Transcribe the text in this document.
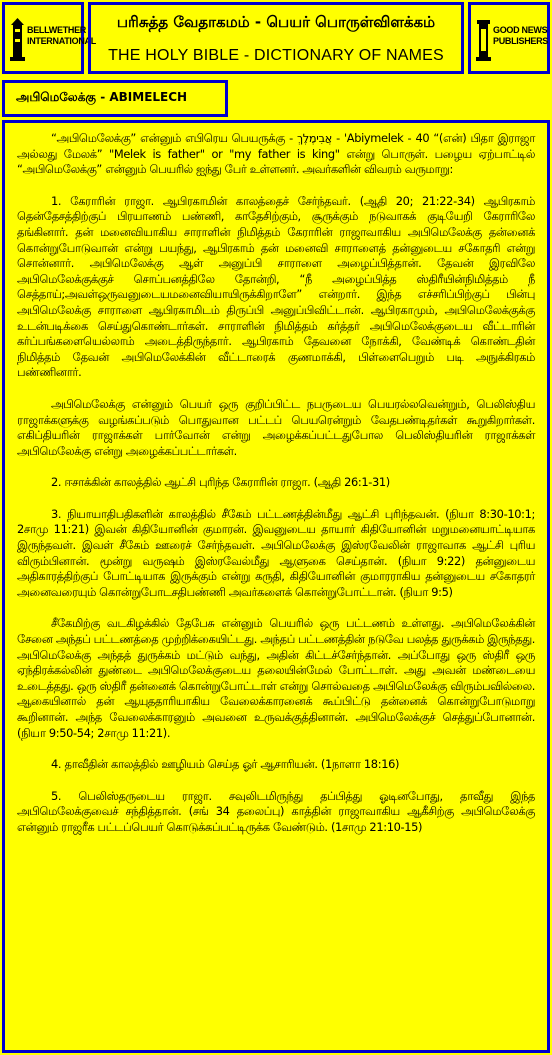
BELLWETHER INTERNATIONAL
பரிசுத்த வேதாகமம் - பெயர் பொருள்விளக்கம்
THE HOLY BIBLE - DICTIONARY OF NAMES
GOOD NEWS PUBLISHERS
அபிமெலேக்கு - ABIMELECH

“அபிமெலேக்கு” என்னும் எபிரெய பெயருக்கு - אֲבִימֶלֶךְ - 'Abiymelek - 40 “(என்) பிதா இராஜா அல்லது மேலக்” "Melek is father" or "my father is king" என்று பொருள். பழைய ஏற்பாட்டில் “அபிமெலேக்கு” என்னும் பெயரில் ஐந்து பேர் உள்ளனர். அவர்களின் விவரம் வருமாறு:

1. கேராரின் ராஜா. ஆபிரகாமின் காலத்தைச் சேர்ந்தவர். (ஆதி 20; 21:22-34) ஆபிரகாம் தென்தேசத்திற்குப் பிரயாணம் பண்ணி, காதேசிற்கும், சூருக்கும் நடுவாகக் குடியேறி கேராரிலே தங்கினார். தன் மனைவியாகிய சாராளின் நிமித்தம் கேராரின் ராஜாவாகிய அபிமெலேக்கு தன்னைக் கொன்றுபோடுவான் என்று பயந்து, ஆபிரகாம் தன் மனைவி சாராளைத் தன்னுடைய சகோதரி என்று சொன்னார். அபிமெலேக்கு ஆள் அனுப்பி சாராளை அழைப்பித்தான். தேவன் இரவிலே அபிமெலேக்குக்குச் சொப்பனத்திலே தோன்றி, “நீ அழைப்பித்த ஸ்திரீயின்நிமித்தம் நீ செத்தாய்;அவள்ஒருவனுடையமனைவியாயிருக்கிறாளே” என்றார். இந்த எச்சரிப்பிற்குப் பின்பு அபிமெலேக்கு சாராளை ஆபிரகாமிடம் திருப்பி அனுப்பிவிட்டான். ஆபிரகாமும், அபிமெலேக்குக்கு உடன்படிக்கை செய்துகொண்டார்கள். சாராளின் நிமித்தம் கர்த்தர் அபிமெலேக்குடைய வீட்டாரின் கர்ப்பங்களையெல்லாம் அடைத்திருந்தார். ஆபிரகாம் தேவனை நோக்கி, வேண்டிக் கொண்டதின் நிமித்தம் தேவன் அபிமெலேக்கின் வீட்டாரைக் குணமாக்கி, பிள்ளைபெறும் படி அநுக்கிரகம் பண்ணினார்.

அபிமெலேக்கு என்னும் பெயர் ஒரு குறிப்பிட்ட நபருடைய பெயரல்லவென்றும், பெலிஸ்திய ராஜாக்களுக்கு வழங்கப்படும் பொதுவான பட்டப் பெயரென்றும் வேதபண்டிதர்கள் கூறுகிறார்கள். எகிப்தியரின் ராஜாக்கள் பார்வோன் என்று அழைக்கப்பட்டதுபோல பெலிஸ்தியரின் ராஜாக்கள் அபிமெலேக்கு என்று அழைக்கப்பட்டார்கள்.

2. ஈசாக்கின் காலத்தில் ஆட்சி புரிந்த கேராரின் ராஜா. (ஆதி 26:1-31)

3. நியாயாதிபதிகளின் காலத்தில் சீகேம் பட்டணத்தின்மீது ஆட்சி புரிந்தவன். (நியா 8:30-10:1; 2சாமு 11:21) இவன் கிதியோனின் குமாரன். இவனுடைய தாயார் கிதியோனின் மறுமனையாட்டியாக இருந்தவள். இவள் சீகேம் ஊரைச் சேர்ந்தவள். அபிமெலேக்கு இஸ்ரவேலின் ராஜாவாக ஆட்சி புரிய விரும்பினான். மூன்று வருஷம் இஸ்ரவேல்மீது ஆளுகை செய்தான். (நியா 9:22) தன்னுடைய அதிகாரத்திற்குப் போட்டியாக இருக்கும் என்று கருதி, கிதியோனின் குமாரராகிய தன்னுடைய சகோதரர் அனைவரையும் கொன்றுபோடசதிபண்ணி அவர்களைக் கொன்றுபோட்டான். (நியா 9:5)

சீகேமிற்கு வடகிழக்கில் தேபேசு என்னும் பெயரில் ஒரு பட்டணம் உள்ளது. அபிமெலேக்கின் சேனை அந்தப் பட்டணத்தை முற்றிக்கையிட்டது. அந்தப் பட்டணத்தின் நடுவே பலத்த துருக்கம் இருந்தது. அபிமெலேக்கு அந்தத் துருக்கம் மட்டும் வந்து, அதின் கிட்டச்சேர்ந்தான். அப்போது ஒரு ஸ்திரீ ஒரு ஏந்திரக்கல்லின் துண்டை அபிமெலேக்குடைய தலையின்மேல் போட்டாள். அது அவன் மண்டையை உடைத்தது. ஒரு ஸ்திரீ தன்னைக் கொன்றுபோட்டாள் என்று சொல்வதை அபிமெலேக்கு விரும்பவில்லை. ஆகையினால் தன் ஆயுததாரியாகிய வேலைக்காரனைக் கூப்பிட்டு தன்னைக் கொன்றுபோடுமாறு கூறினான். அந்த வேலைக்காரனும் அவனை உருவக்குத்தினான். அபிமெலேக்குச் செத்துப்போனான். (நியா 9:50-54; 2சாமு 11:21).

4. தாவீதின் காலத்தில் ஊழியம் செய்த ஓர் ஆசாரியன். (1நாளா 18:16)

5. பெலிஸ்தருடைய ராஜா. சவுலிடமிருந்து தப்பித்து ஓடினபோது, தாவீது இந்த அபிமெலேக்குவைச் சந்தித்தான். (சங் 34 தலைப்பு) காத்தின் ராஜாவாகிய ஆகீசிற்கு அபிமெலேக்கு என்னும் ராஜரீக பட்டப்பெயர் கொடுக்கப்பட்டிருக்க வேண்டும். (1சாமு 21:10-15)
